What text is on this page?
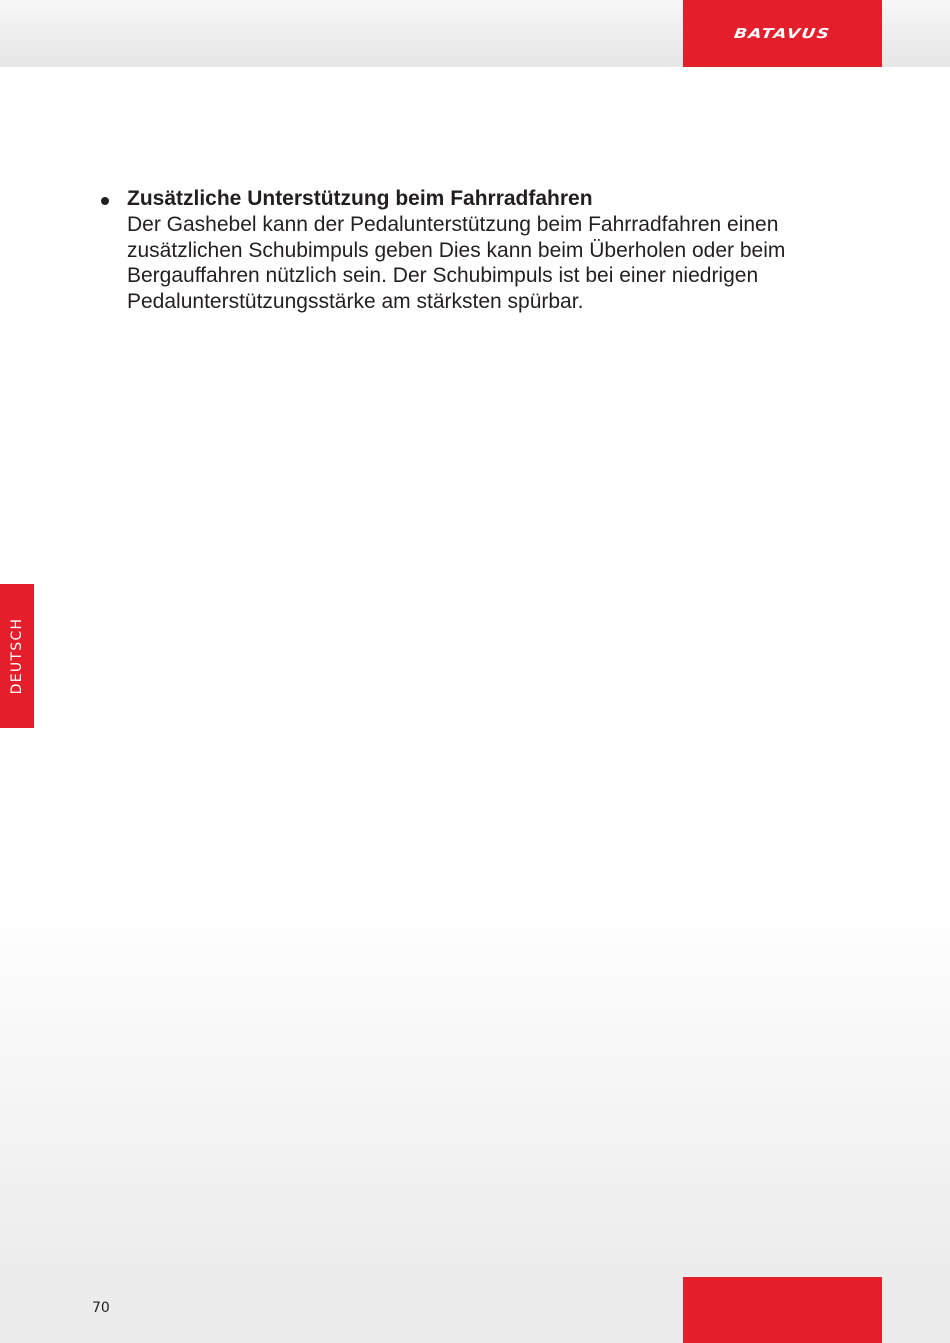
BATAVUS
DEUTSCH

Zusätzliche Unterstützung beim Fahrradfahren

Der Gashebel kann der Pedalunterstützung beim Fahrradfahren einen

zusätzlichen Schubimpuls geben Dies kann beim Überholen oder beim

Bergauffahren nützlich sein. Der Schubimpuls ist bei einer niedrigen

Pedalunterstützungsstärke am stärksten spürbar.

70
